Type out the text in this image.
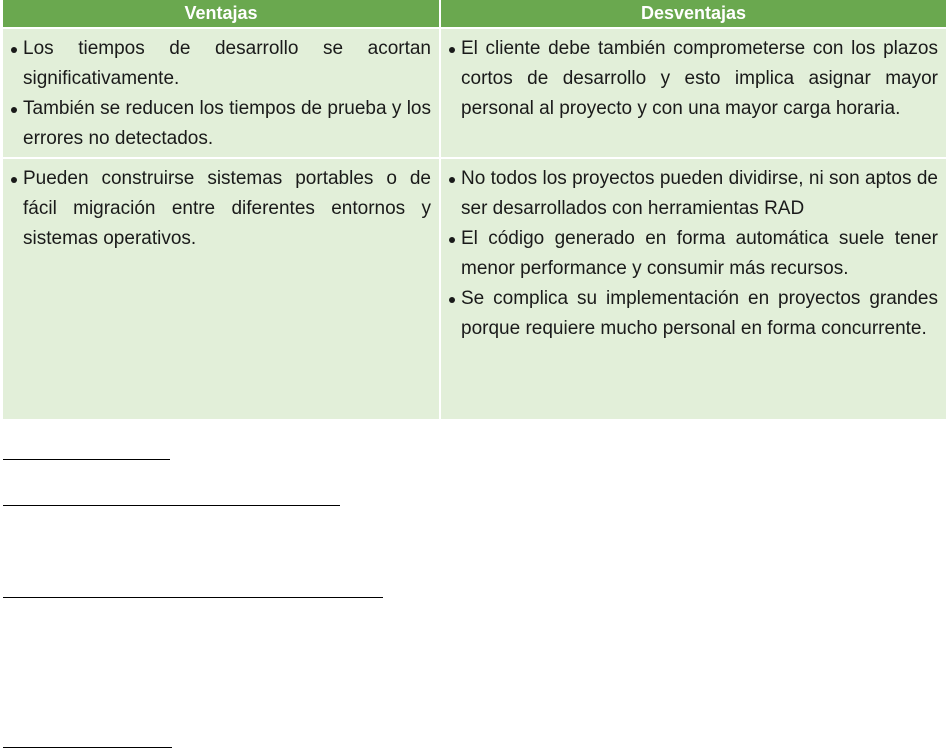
Ventajas	Desventajas

Los tiempos de desarrollo se acortan significativamente.
También se reducen los tiempos de prueba y los errores no detectados.	El cliente debe también comprometerse con los plazos cortos de desarrollo y esto implica asignar mayor personal al proyecto y con una mayor carga horaria.

Pueden construirse sistemas portables o de fácil migración entre diferentes entornos y sistemas operativos.	No todos los proyectos pueden dividirse, ni son aptos de ser desarrollados con herramientas RAD
El código generado en forma automática suele tener menor performance y consumir más recursos.
Se complica su implementación en proyectos grandes porque requiere mucho personal en forma concurrente.
